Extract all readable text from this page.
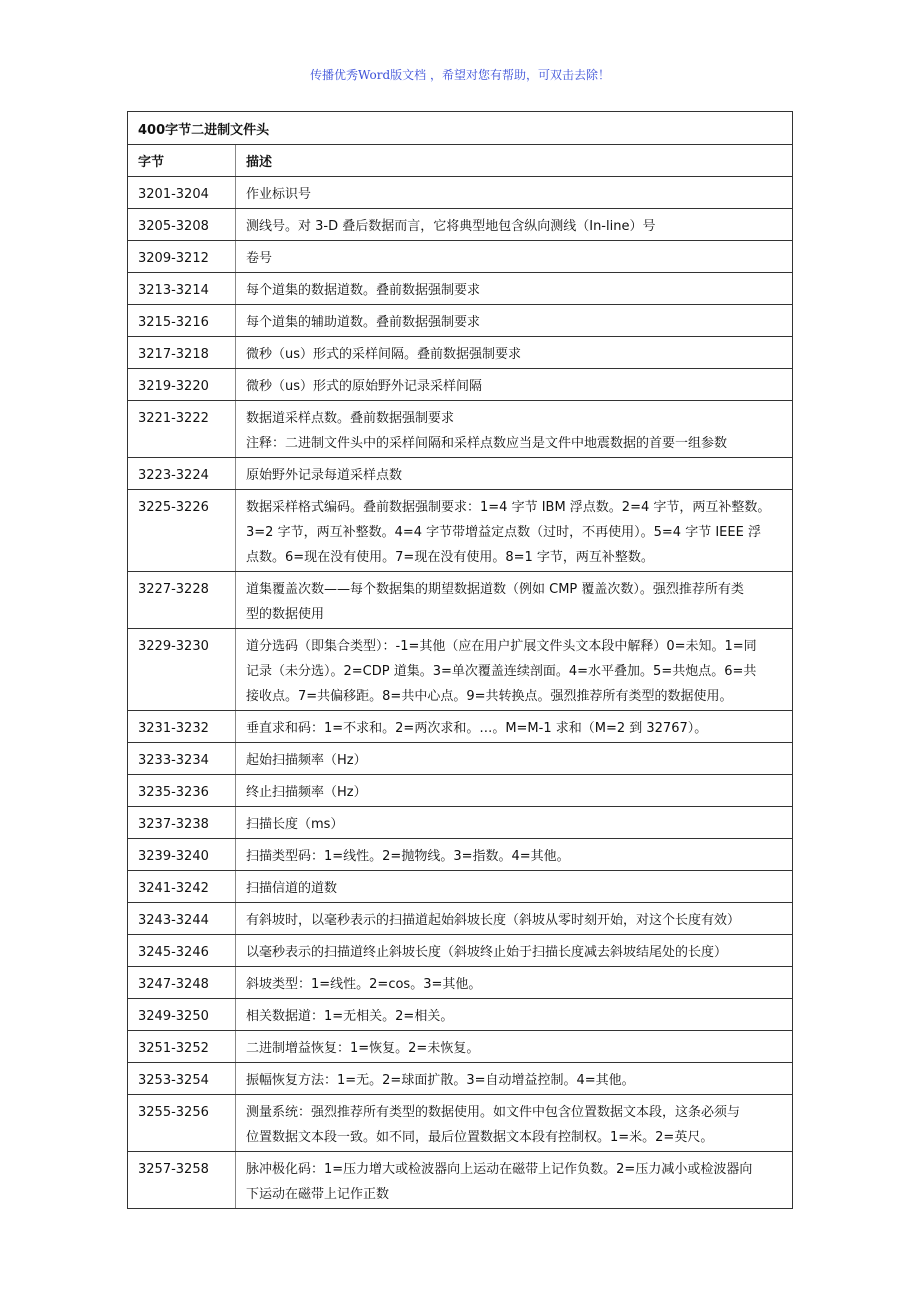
传播优秀Word版文档 ，希望对您有帮助，可双击去除！
400字节二进制文件头	
字节	描述
3201-3204	作业标识号

3205-3208	测线号。对 3-D 叠后数据而言，它将典型地包含纵向测线（In-line）号

3209-3212	卷号

3213-3214	每个道集的数据道数。叠前数据强制要求

3215-3216	每个道集的辅助道数。叠前数据强制要求

3217-3218	微秒（us）形式的采样间隔。叠前数据强制要求

3219-3220	微秒（us）形式的原始野外记录采样间隔

3221-3222	数据道采样点数。叠前数据强制要求
注释：二进制文件头中的采样间隔和采样点数应当是文件中地震数据的首要一组参数

3223-3224	原始野外记录每道采样点数

3225-3226	数据采样格式编码。叠前数据强制要求：1=4 字节 IBM 浮点数。2=4 字节，两互补整数。
3=2 字节，两互补整数。4=4 字节带增益定点数（过时，不再使用）。5=4 字节 IEEE 浮
点数。6=现在没有使用。7=现在没有使用。8=1 字节，两互补整数。

3227-3228	道集覆盖次数——每个数据集的期望数据道数（例如 CMP 覆盖次数）。强烈推荐所有类
型的数据使用

3229-3230	道分选码（即集合类型）：-1=其他（应在用户扩展文件头文本段中解释）0=未知。1=同
记录（未分选）。2=CDP 道集。3=单次覆盖连续剖面。4=水平叠加。5=共炮点。6=共
接收点。7=共偏移距。8=共中心点。9=共转换点。强烈推荐所有类型的数据使用。

3231-3232	垂直求和码：1=不求和。2=两次求和。…。M=M-1 求和（M=2 到 32767）。

3233-3234	起始扫描频率（Hz）

3235-3236	终止扫描频率（Hz）

3237-3238	扫描长度（ms）

3239-3240	扫描类型码：1=线性。2=抛物线。3=指数。4=其他。

3241-3242	扫描信道的道数

3243-3244	有斜坡时，以毫秒表示的扫描道起始斜坡长度（斜坡从零时刻开始，对这个长度有效）

3245-3246	以毫秒表示的扫描道终止斜坡长度（斜坡终止始于扫描长度减去斜坡结尾处的长度）

3247-3248	斜坡类型：1=线性。2=cos。3=其他。

3249-3250	相关数据道：1=无相关。2=相关。

3251-3252	二进制增益恢复：1=恢复。2=未恢复。

3253-3254	振幅恢复方法：1=无。2=球面扩散。3=自动增益控制。4=其他。

3255-3256	测量系统：强烈推荐所有类型的数据使用。如文件中包含位置数据文本段，这条必须与
位置数据文本段一致。如不同，最后位置数据文本段有控制权。1=米。2=英尺。

3257-3258	脉冲极化码：1=压力增大或检波器向上运动在磁带上记作负数。2=压力减小或检波器向
下运动在磁带上记作正数
